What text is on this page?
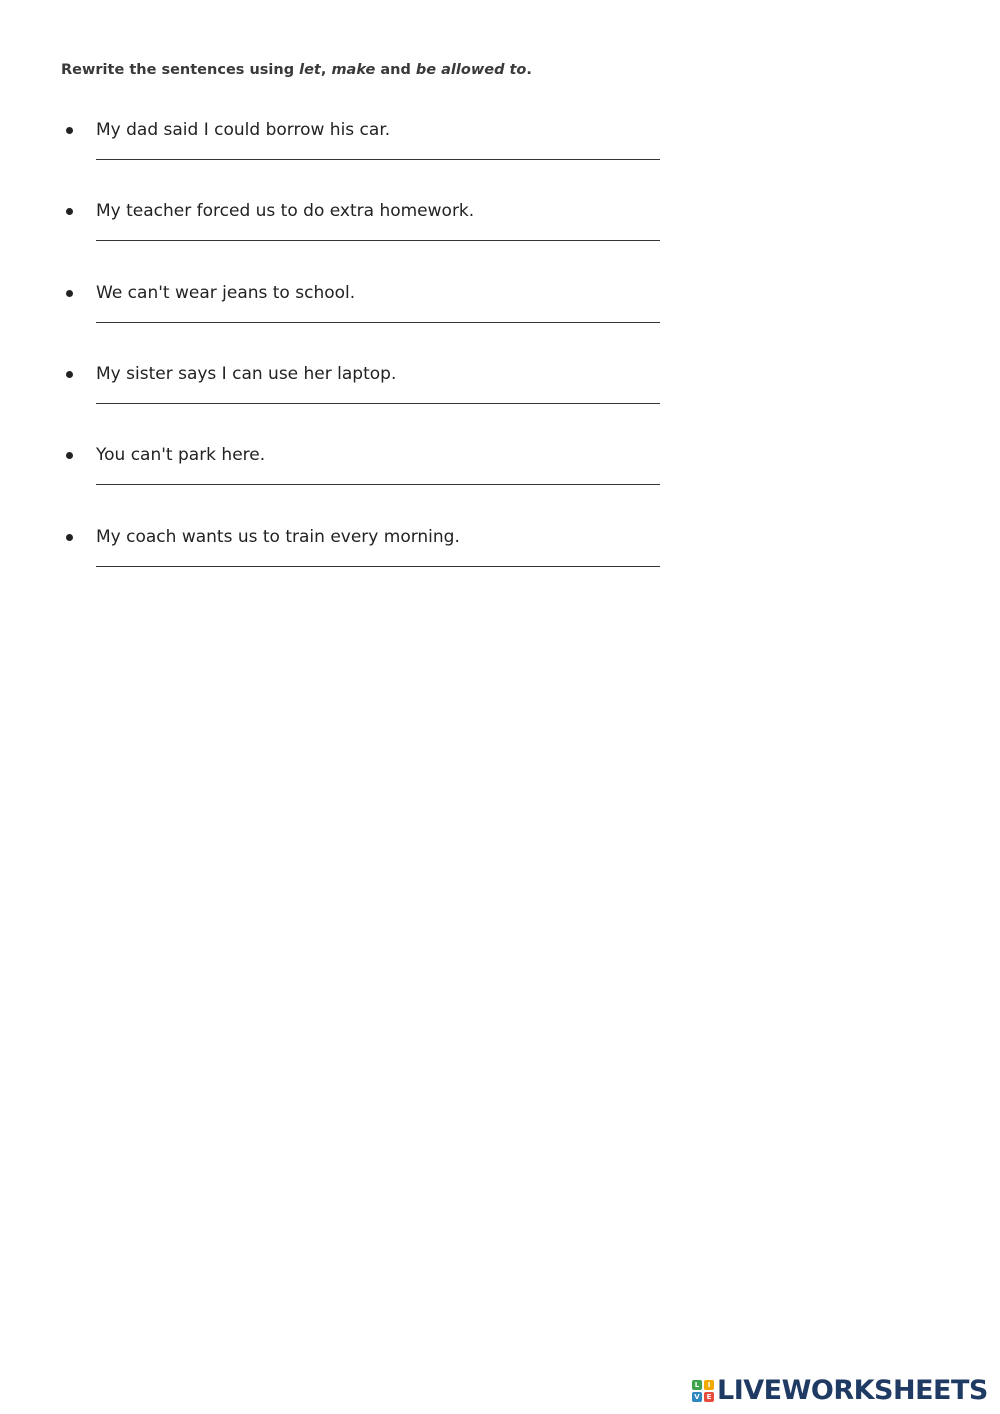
Rewrite the sentences using let, make and be allowed to.

My dad said I could borrow his car.
My teacher forced us to do extra homework.
We can't wear jeans to school.
My sister says I can use her laptop.
You can't park here.
My coach wants us to train every morning.
L	I
V E LIVEWORKSHEETS
